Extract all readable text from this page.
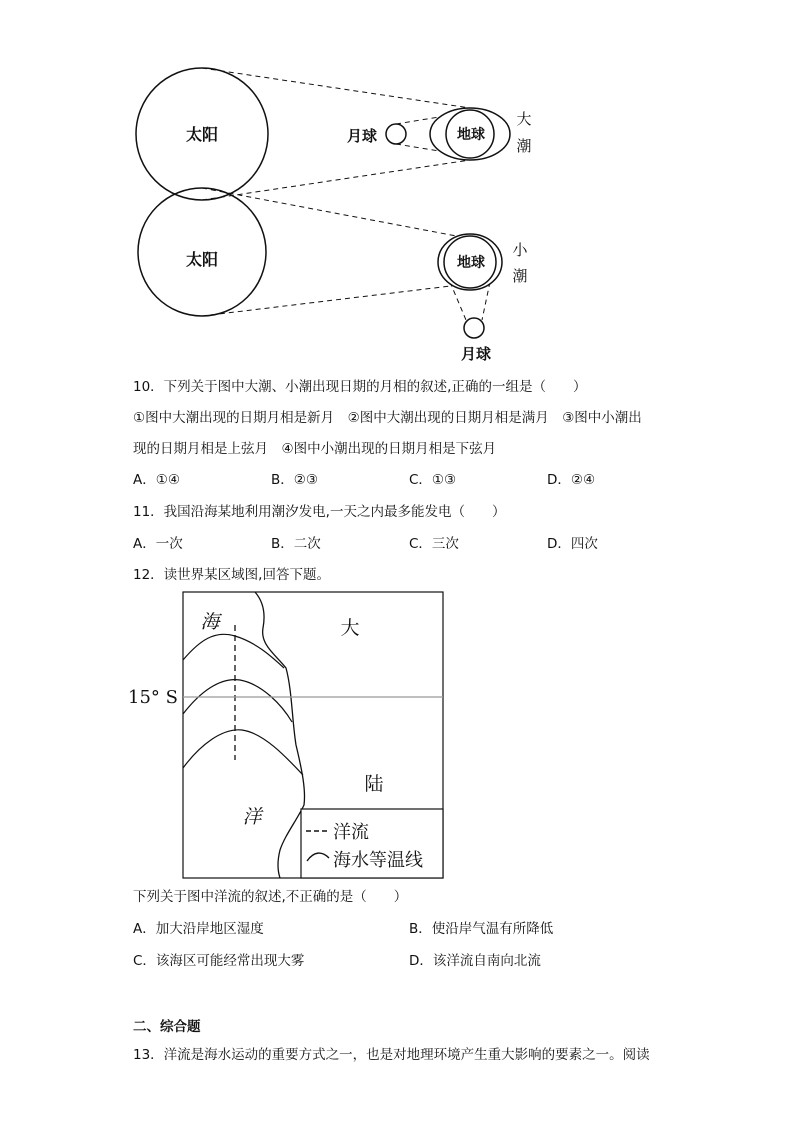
太阳	月球	地球
大
潮
太阳	地球
月球
小
潮
10．下列关于图中大潮、小潮出现日期的月相的叙述,正确的一组是（　　）
①图中大潮出现的日期月相是新月　②图中大潮出现的日期月相是满月　③图中小潮出
现的日期月相是上弦月　④图中小潮出现的日期月相是下弦月
A．①④	B．②③	C．①③	D．②④
11．我国沿海某地利用潮汐发电,一天之内最多能发电（　　）
A．一次	B．二次	C．三次	D．四次
12．读世界某区域图,回答下题。
15° S
海
洋
大
陆
洋流
海水等温线
下列关于图中洋流的叙述,不正确的是（　　）
A．加大沿岸地区湿度	B．使沿岸气温有所降低
C．该海区可能经常出现大雾	D．该洋流自南向北流
二、综合题
13．洋流是海水运动的重要方式之一，也是对地理环境产生重大影响的要素之一。阅读
